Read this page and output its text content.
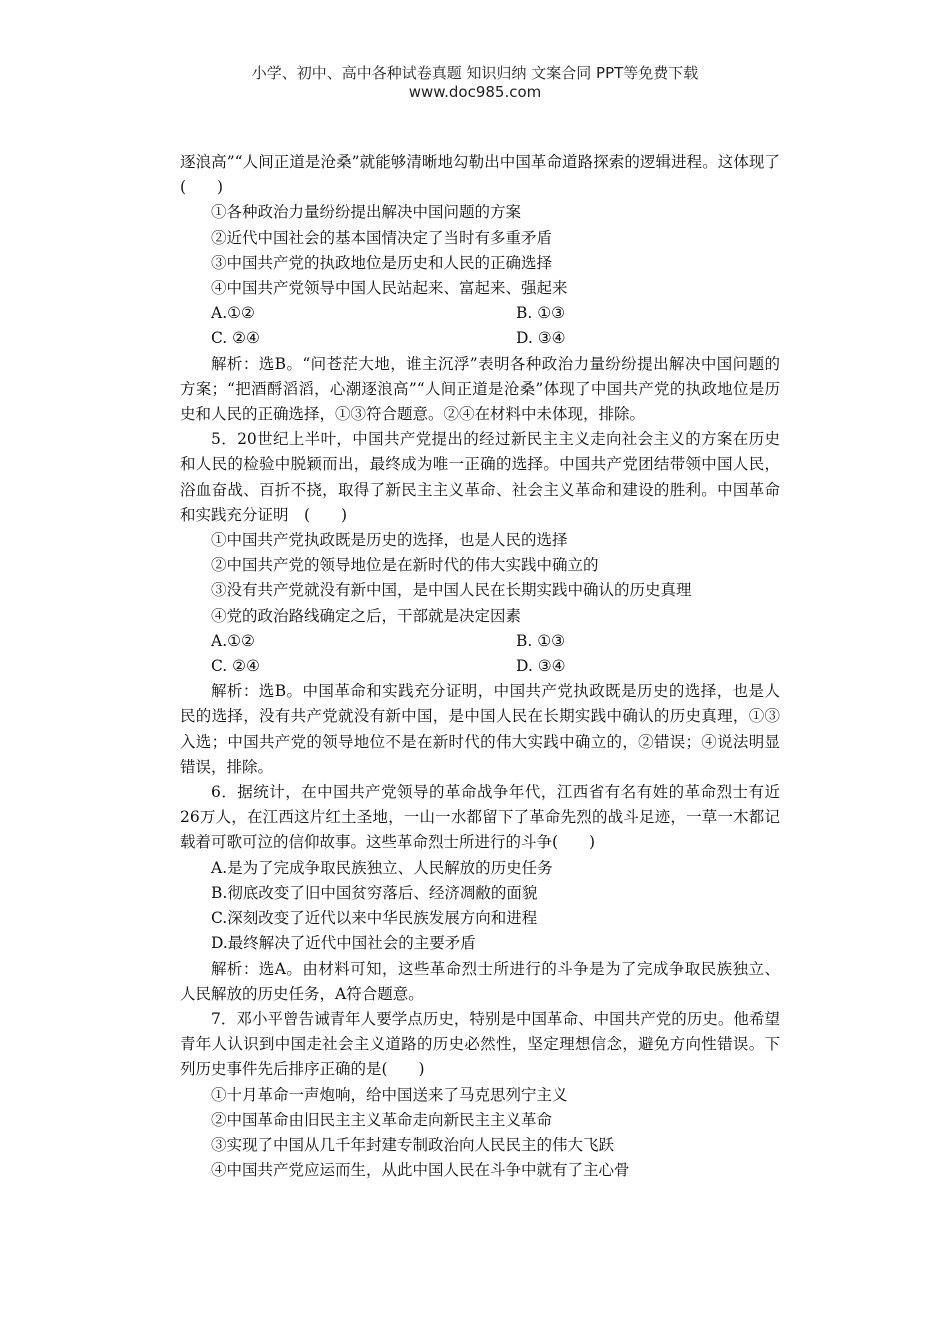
小学、初中、高中各种试卷真题 知识归纳 文案合同 PPT等免费下载
www.doc985.com

逐浪高”“人间正道是沧桑”就能够清晰地勾勒出中国革命道路探索的逻辑进程。这体现了(　　)

①各种政治力量纷纷提出解决中国问题的方案

②近代中国社会的基本国情决定了当时有多重矛盾

③中国共产党的执政地位是历史和人民的正确选择

④中国共产党领导中国人民站起来、富起来、强起来

A.①②	B. ①③
C. ②④	D. ③④

解析：选B。“问苍茫大地，谁主沉浮”表明各种政治力量纷纷提出解决中国问题的方案；“把酒酹滔滔，心潮逐浪高”“人间正道是沧桑”体现了中国共产党的执政地位是历史和人民的正确选择，①③符合题意。②④在材料中未体现，排除。

5．20世纪上半叶，中国共产党提出的经过新民主主义走向社会主义的方案在历史和人民的检验中脱颖而出，最终成为唯一正确的选择。中国共产党团结带领中国人民，浴血奋战、百折不挠，取得了新民主主义革命、社会主义革命和建设的胜利。中国革命和实践充分证明　(　　)

①中国共产党执政既是历史的选择，也是人民的选择

②中国共产党的领导地位是在新时代的伟大实践中确立的

③没有共产党就没有新中国，是中国人民在长期实践中确认的历史真理

④党的政治路线确定之后，干部就是决定因素

A.①②	B. ①③
C. ②④	D. ③④

解析：选B。中国革命和实践充分证明，中国共产党执政既是历史的选择，也是人民的选择，没有共产党就没有新中国，是中国人民在长期实践中确认的历史真理，①③入选；中国共产党的领导地位不是在新时代的伟大实践中确立的，②错误；④说法明显错误，排除。

6．据统计，在中国共产党领导的革命战争年代，江西省有名有姓的革命烈士有近26万人，在江西这片红土圣地，一山一水都留下了革命先烈的战斗足迹，一草一木都记载着可歌可泣的信仰故事。这些革命烈士所进行的斗争(　　)

A.是为了完成争取民族独立、人民解放的历史任务

B.彻底改变了旧中国贫穷落后、经济凋敝的面貌

C.深刻改变了近代以来中华民族发展方向和进程

D.最终解决了近代中国社会的主要矛盾

解析：选A。由材料可知，这些革命烈士所进行的斗争是为了完成争取民族独立、人民解放的历史任务，A符合题意。

7．邓小平曾告诫青年人要学点历史，特别是中国革命、中国共产党的历史。他希望青年人认识到中国走社会主义道路的历史必然性，坚定理想信念，避免方向性错误。下列历史事件先后排序正确的是(　　)

①十月革命一声炮响，给中国送来了马克思列宁主义

②中国革命由旧民主主义革命走向新民主主义革命

③实现了中国从几千年封建专制政治向人民民主的伟大飞跃

④中国共产党应运而生，从此中国人民在斗争中就有了主心骨
